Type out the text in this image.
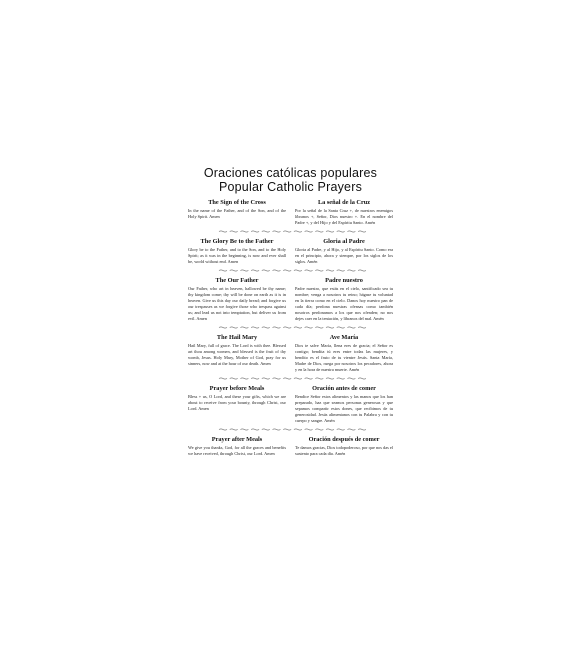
Oraciones católicas populares
Popular Catholic Prayers
The Sign of the Cross
In the name of the Father, and of the Son, and of the Holy Spirit. Amen
La señal de la Cruz
Por la señal de la Santa Cruz +, de nuestros enemigos líbranos +, Señor, Dios nuestro +. En el nombre del Padre +, y del Hijo y del Espíritu Santo. Amén
The Glory Be to the Father
Glory be to the Father, and to the Son, and to the Holy Spirit; as it was in the beginning, is now and ever shall be, world without end. Amen
Gloria al Padre
Gloria al Padre, y al Hijo, y al Espíritu Santo. Como era en el principio, ahora y siempre, por los siglos de los siglos. Amén
The Our Father
Our Father, who art in heaven, hallowed be thy name; thy kingdom come; thy will be done on earth as it is in heaven. Give us this day our daily bread; and forgive us our trespasses as we forgive those who trespass against us; and lead us not into temptation, but deliver us from evil. Amen
Padre nuestro
Padre nuestro, que estás en el cielo, santificado sea tu nombre; venga a nosotros tu reino; hágase tu voluntad en la tierra como en el cielo. Danos hoy nuestro pan de cada día; perdona nuestras ofensas como también nosotros perdonamos a los que nos ofenden; no nos dejes caer en la tentación, y líbranos del mal. Amén
The Hail Mary
Hail Mary, full of grace. The Lord is with thee. Blessed art thou among women, and blessed is the fruit of thy womb, Jesus. Holy Mary, Mother of God, pray for us sinners, now and at the hour of our death. Amen
Ave María
Dios te salve María, llena eres de gracia; el Señor es contigo; bendita tú eres entre todas las mujeres, y bendito es el fruto de tu vientre Jesús. Santa María, Madre de Dios, ruega por nosotros los pecadores, ahora y en la hora de nuestra muerte. Amén
Prayer before Meals
Bless + us, O Lord, and these your gifts, which we are about to receive from your bounty, through Christ, our Lord. Amen
Oración antes de comer
Bendice Señor estos alimentos y las manos que los han preparado, haz que seamos personas generosas y que sepamos compartir estos dones, que recibimos de tu generosidad. Jesús alimentanos con tu Palabra y con tu cuerpo y sangre. Amén
Prayer after Meals
We give you thanks, God, for all the graces and benefits we have received, through Christ, our Lord. Amen
Oración después de comer
Te damos gracias, Dios todopoderoso, por que nos das el sustento para cada día. Amén
